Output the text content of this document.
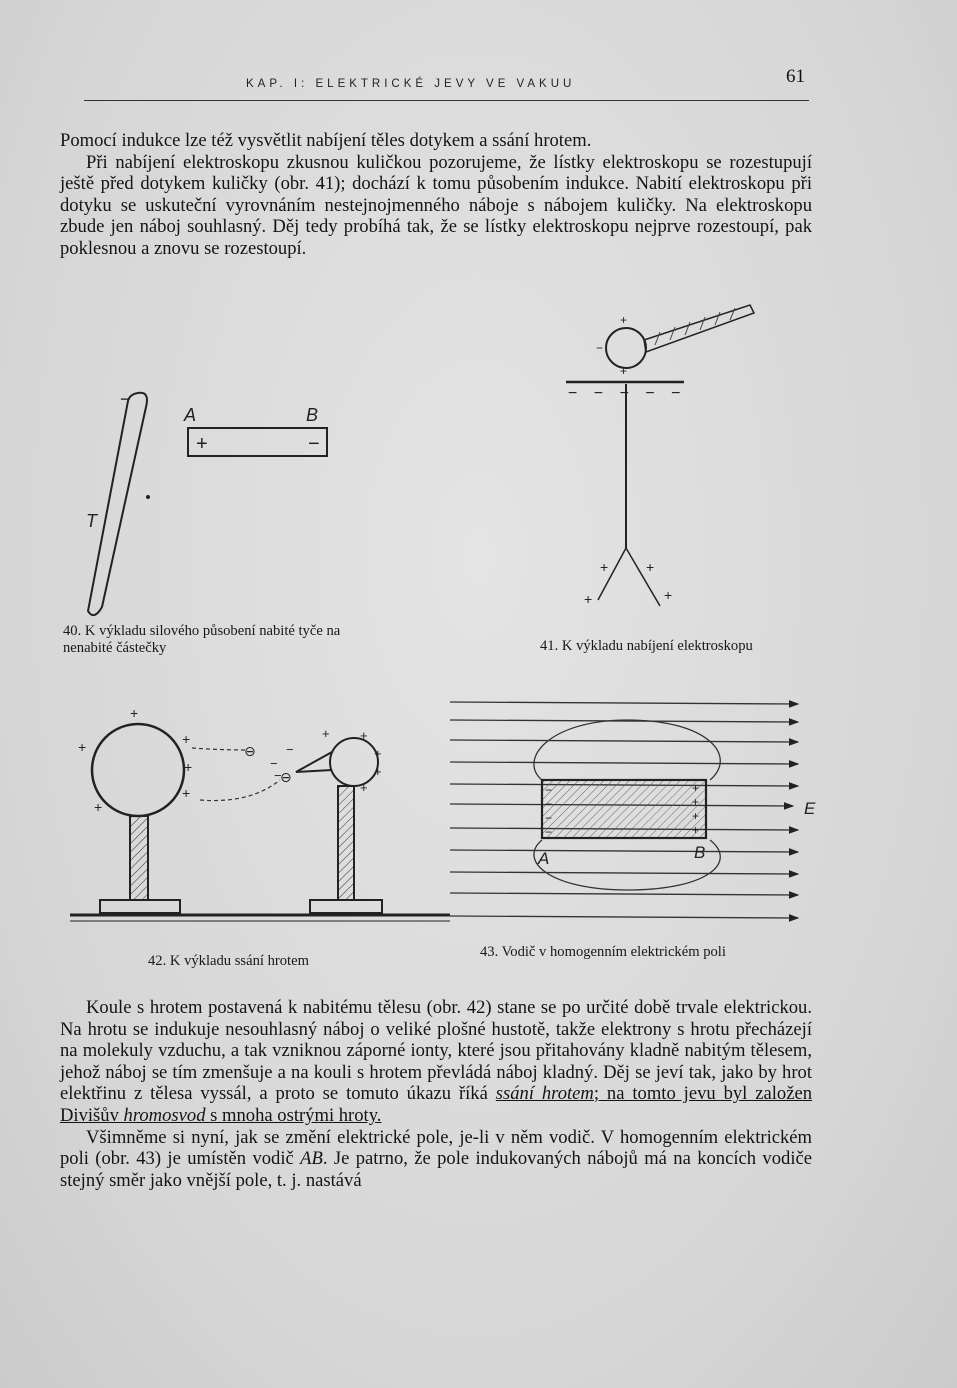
KAP. I: ELEKTRICKÉ JEVY VE VAKUU	61

Pomocí indukce lze též vysvětlit nabíjení těles dotykem a ssání hrotem.
Při nabíjení elektroskopu zkusnou kuličkou pozorujeme, že lístky elektroskopu se rozestupují ještě před dotykem kuličky (obr. 41); dochází k tomu působením indukce. Nabití elektroskopu při dotyku se uskuteční vyrovnáním nestejnojmenného náboje s nábojem kuličky. Na elektroskopu zbude jen náboj souhlasný. Děj tedy probíhá tak, že se lístky elektroskopu nejprve rozestoupí, pak poklesnou a znovu se rozestoupí.

−
T
A	B
+	−

40. K výkladu silového působení nabité tyče na nenabité částečky

+
−
+
− − − − −
+	+
+	+

41. K výkladu nabíjení elektroskopu

+
+
+
+
+
+
⊖
⊖
−
−
−
+ +
+
+
+

42. K výkladu ssání hrotem

−
−
−
−
+
+
+
+
A	B
E

43. Vodič v homogenním elektrickém poli

Koule s hrotem postavená k nabitému tělesu (obr. 42) stane se po určité době trvale elektrickou. Na hrotu se indukuje nesouhlasný náboj o veliké plošné hustotě, takže elektrony s hrotu přecházejí na molekuly vzduchu, a tak vzniknou záporné ionty, které jsou přitahovány kladně nabitým tělesem, jehož náboj se tím zmenšuje a na kouli s hrotem převládá náboj kladný. Děj se jeví tak, jako by hrot elektřinu z tělesa vyssál, a proto se tomuto úkazu říká ssání hrotem; na tomto jevu byl založen Divišův hromosvod s mnoha ostrými hroty.
Všimněme si nyní, jak se změní elektrické pole, je-li v něm vodič. V homogenním elektrickém poli (obr. 43) je umístěn vodič AB. Je patrno, že pole indukovaných nábojů má na koncích vodiče stejný směr jako vnější pole, t. j. nastává
